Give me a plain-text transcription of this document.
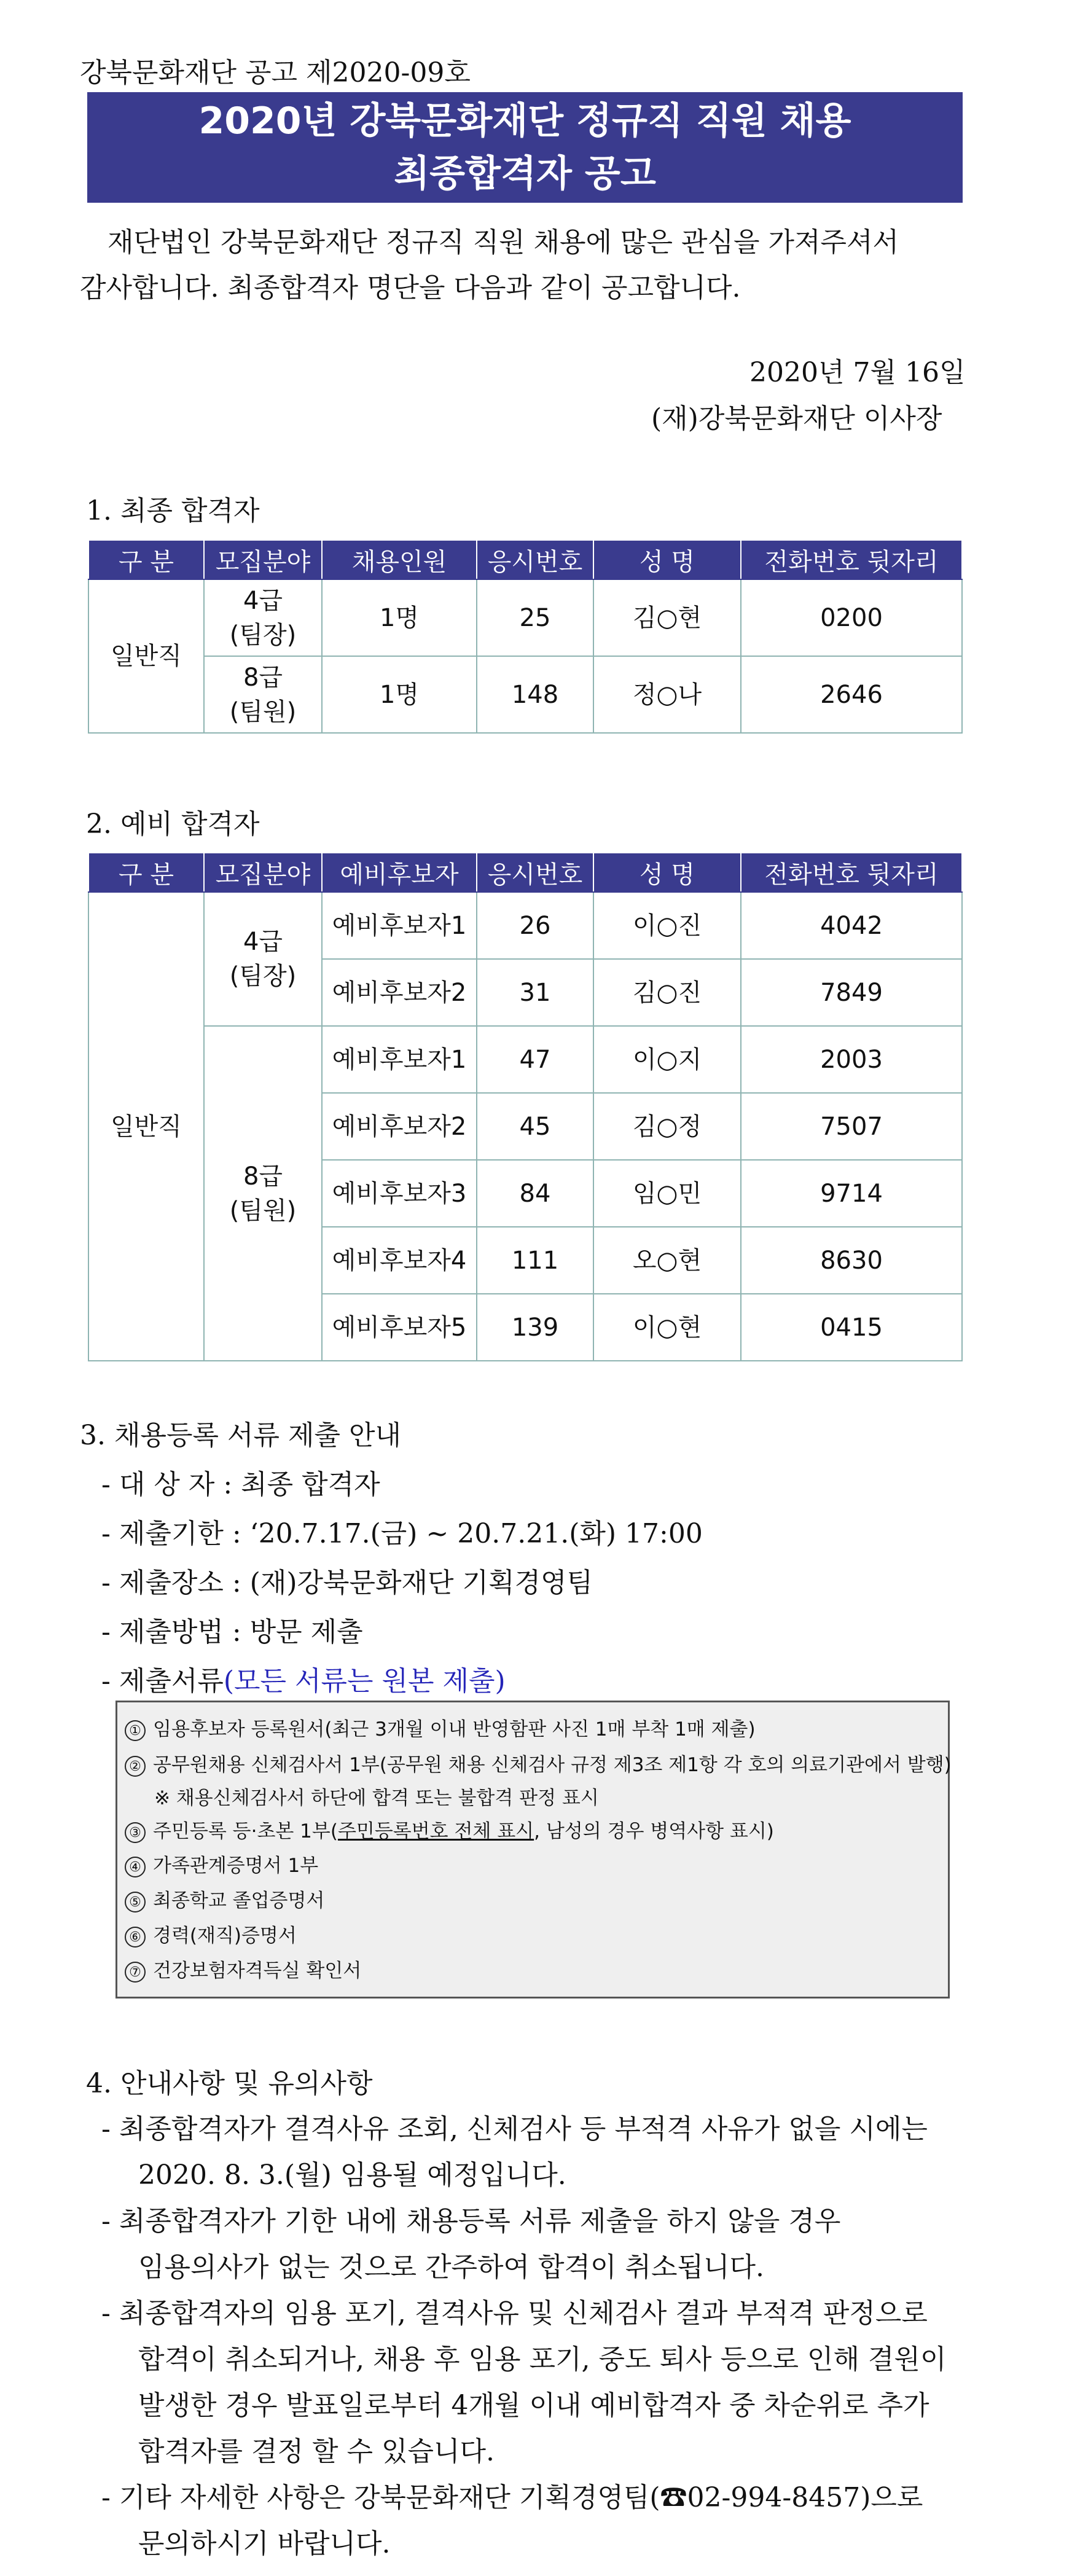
강북문화재단 공고 제2020-09호
2020년 강북문화재단 정규직 직원 채용
최종합격자 공고
재단법인 강북문화재단 정규직 직원 채용에 많은 관심을 가져주셔서
감사합니다. 최종합격자 명단을 다음과 같이 공고합니다.
2020년 7월 16일
(재)강북문화재단 이사장
1. 최종 합격자
구 분	모집분야	채용인원	응시번호	성 명	전화번호 뒷자리
일반직	4급
(팀장)	1명	25	김○현	0200
	8급
(팀원)	1명	148	정○나	2646
2. 예비 합격자
구 분	모집분야	예비후보자	응시번호	성 명	전화번호 뒷자리
일반직	4급
(팀장)	예비후보자1	26	이○진	4042
		예비후보자2	31	김○진	7849
	8급
(팀원)	예비후보자1	47	이○지	2003
		예비후보자2	45	김○정	7507
		예비후보자3	84	임○민	9714
		예비후보자4	111	오○현	8630
		예비후보자5	139	이○현	0415
3. 채용등록 서류 제출 안내
- 대 상 자 : 최종 합격자
- 제출기한 : ‘20.7.17.(금) ~ 20.7.21.(화) 17:00
- 제출장소 : (재)강북문화재단 기획경영팀
- 제출방법 : 방문 제출
- 제출서류(모든 서류는 원본 제출)
① 임용후보자 등록원서(최근 3개월 이내 반영함판 사진 1매 부착 1매 제출)
② 공무원채용 신체검사서 1부(공무원 채용 신체검사 규정 제3조 제1항 각 호의 의료기관에서 발행)
※ 채용신체검사서 하단에 합격 또는 불합격 판정 표시
③ 주민등록 등·초본 1부(주민등록번호 전체 표시, 남성의 경우 병역사항 표시)
④ 가족관계증명서 1부
⑤ 최종학교 졸업증명서
⑥ 경력(재직)증명서
⑦ 건강보험자격득실 확인서
4. 안내사항 및 유의사항
- 최종합격자가 결격사유 조회, 신체검사 등 부적격 사유가 없을 시에는
2020. 8. 3.(월) 임용될 예정입니다.
- 최종합격자가 기한 내에 채용등록 서류 제출을 하지 않을 경우
임용의사가 없는 것으로 간주하여 합격이 취소됩니다.
- 최종합격자의 임용 포기, 결격사유 및 신체검사 결과 부적격 판정으로
합격이 취소되거나, 채용 후 임용 포기, 중도 퇴사 등으로 인해 결원이
발생한 경우 발표일로부터 4개월 이내 예비합격자 중 차순위로 추가
합격자를 결정 할 수 있습니다.
- 기타 자세한 사항은 강북문화재단 기획경영팀(☎02-994-8457)으로
문의하시기 바랍니다.
